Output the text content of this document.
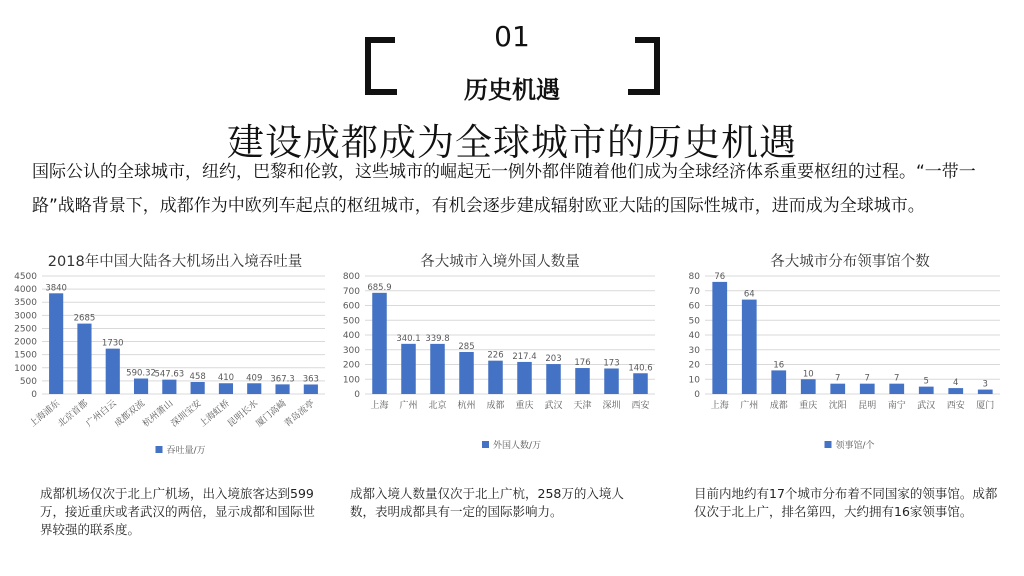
01
历史机遇
建设成都成为全球城市的历史机遇
国际公认的全球城市，纽约，巴黎和伦敦，这些城市的崛起无一例外都伴随着他们成为全球经济体系重要枢纽的过程。“一带一路”战略背景下，成都作为中欧列车起点的枢纽城市，有机会逐步建成辐射欧亚大陆的国际性城市，进而成为全球城市。
2018年中国大陆各大机场出入境吞吐量	各大城市入境外国人数量	各大城市分布领事馆个数
0
500
1000
1500
2000
2500
3000
3500
4000
4500
3840
上海浦东
2685
北京首都
1730
广州白云
590.32
成都双流
547.63
杭州萧山
458
深圳宝安
410
上海虹桥
409
昆明长水
367.3
厦门高崎
363
青岛流亭
吞吐量/万
0
100
200
300
400
500
600
700
800
685.9
上海
340.1
广州
339.8
北京
285
杭州
226
成都
217.4
重庆
203
武汉
176
天津
173
深圳
140.6
西安
外国人数/万
0
10
20
30
40
50
60
70
80 76
上海
64
广州
16
成都
10
重庆
7
沈阳
7
昆明
7
南宁
5
武汉
4
西安
3
厦门
领事馆/个
成都机场仅次于北上广机场，出入境旅客达到599万，接近重庆或者武汉的两倍，显示成都和国际世界较强的联系度。
成都入境人数量仅次于北上广杭，258万的入境人数，表明成都具有一定的国际影响力。
目前内地约有17个城市分布着不同国家的领事馆。成都仅次于北上广，排名第四，大约拥有16家领事馆。
